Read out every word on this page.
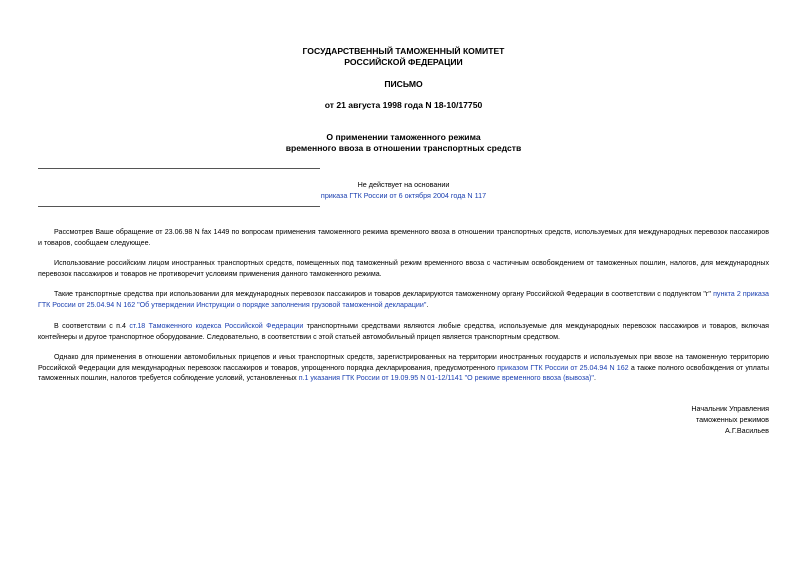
ГОСУДАРСТВЕННЫЙ ТАМОЖЕННЫЙ КОМИТЕТ
РОССИЙСКОЙ ФЕДЕРАЦИИ
ПИСЬМО
от 21 августа 1998 года N 18-10/17750
О применении таможенного режима
временного ввоза в отношении транспортных средств
Не действует на основании
приказа ГТК России от 6 октября 2004 года N 117

Рассмотрев Ваше обращение от 23.06.98 N fax 1449 по вопросам применения таможенного режима временного ввоза в отношении транспортных средств, используемых для международных перевозок пассажиров и товаров, сообщаем следующее.

Использование российским лицом иностранных транспортных средств, помещенных под таможенный режим временного ввоза с частичным освобождением от таможенных пошлин, налогов, для международных перевозок пассажиров и товаров не противоречит условиям применения данного таможенного режима.

Такие транспортные средства при использовании для международных перевозок пассажиров и товаров декларируются таможенному органу Российской Федерации в соответствии с подпунктом "г" пункта 2 приказа ГТК России от 25.04.94 N 162 "Об утверждении Инструкции о порядке заполнения грузовой таможенной декларации".

В соответствии с п.4 ст.18 Таможенного кодекса Российской Федерации транспортными средствами являются любые средства, используемые для международных перевозок пассажиров и товаров, включая контейнеры и другое транспортное оборудование. Следовательно, в соответствии с этой статьей автомобильный прицеп является транспортным средством.

Однако для применения в отношении автомобильных прицепов и иных транспортных средств, зарегистрированных на территории иностранных государств и используемых при ввозе на таможенную территорию Российской Федерации для международных перевозок пассажиров и товаров, упрощенного порядка декларирования, предусмотренного приказом ГТК России от 25.04.94 N 162 а также полного освобождения от уплаты таможенных пошлин, налогов требуется соблюдение условий, установленных п.1 указания ГТК России от 19.09.95 N 01-12/1141 "О режиме временного ввоза (вывоза)".

Начальник Управления
таможенных режимов
А.Г.Васильев
